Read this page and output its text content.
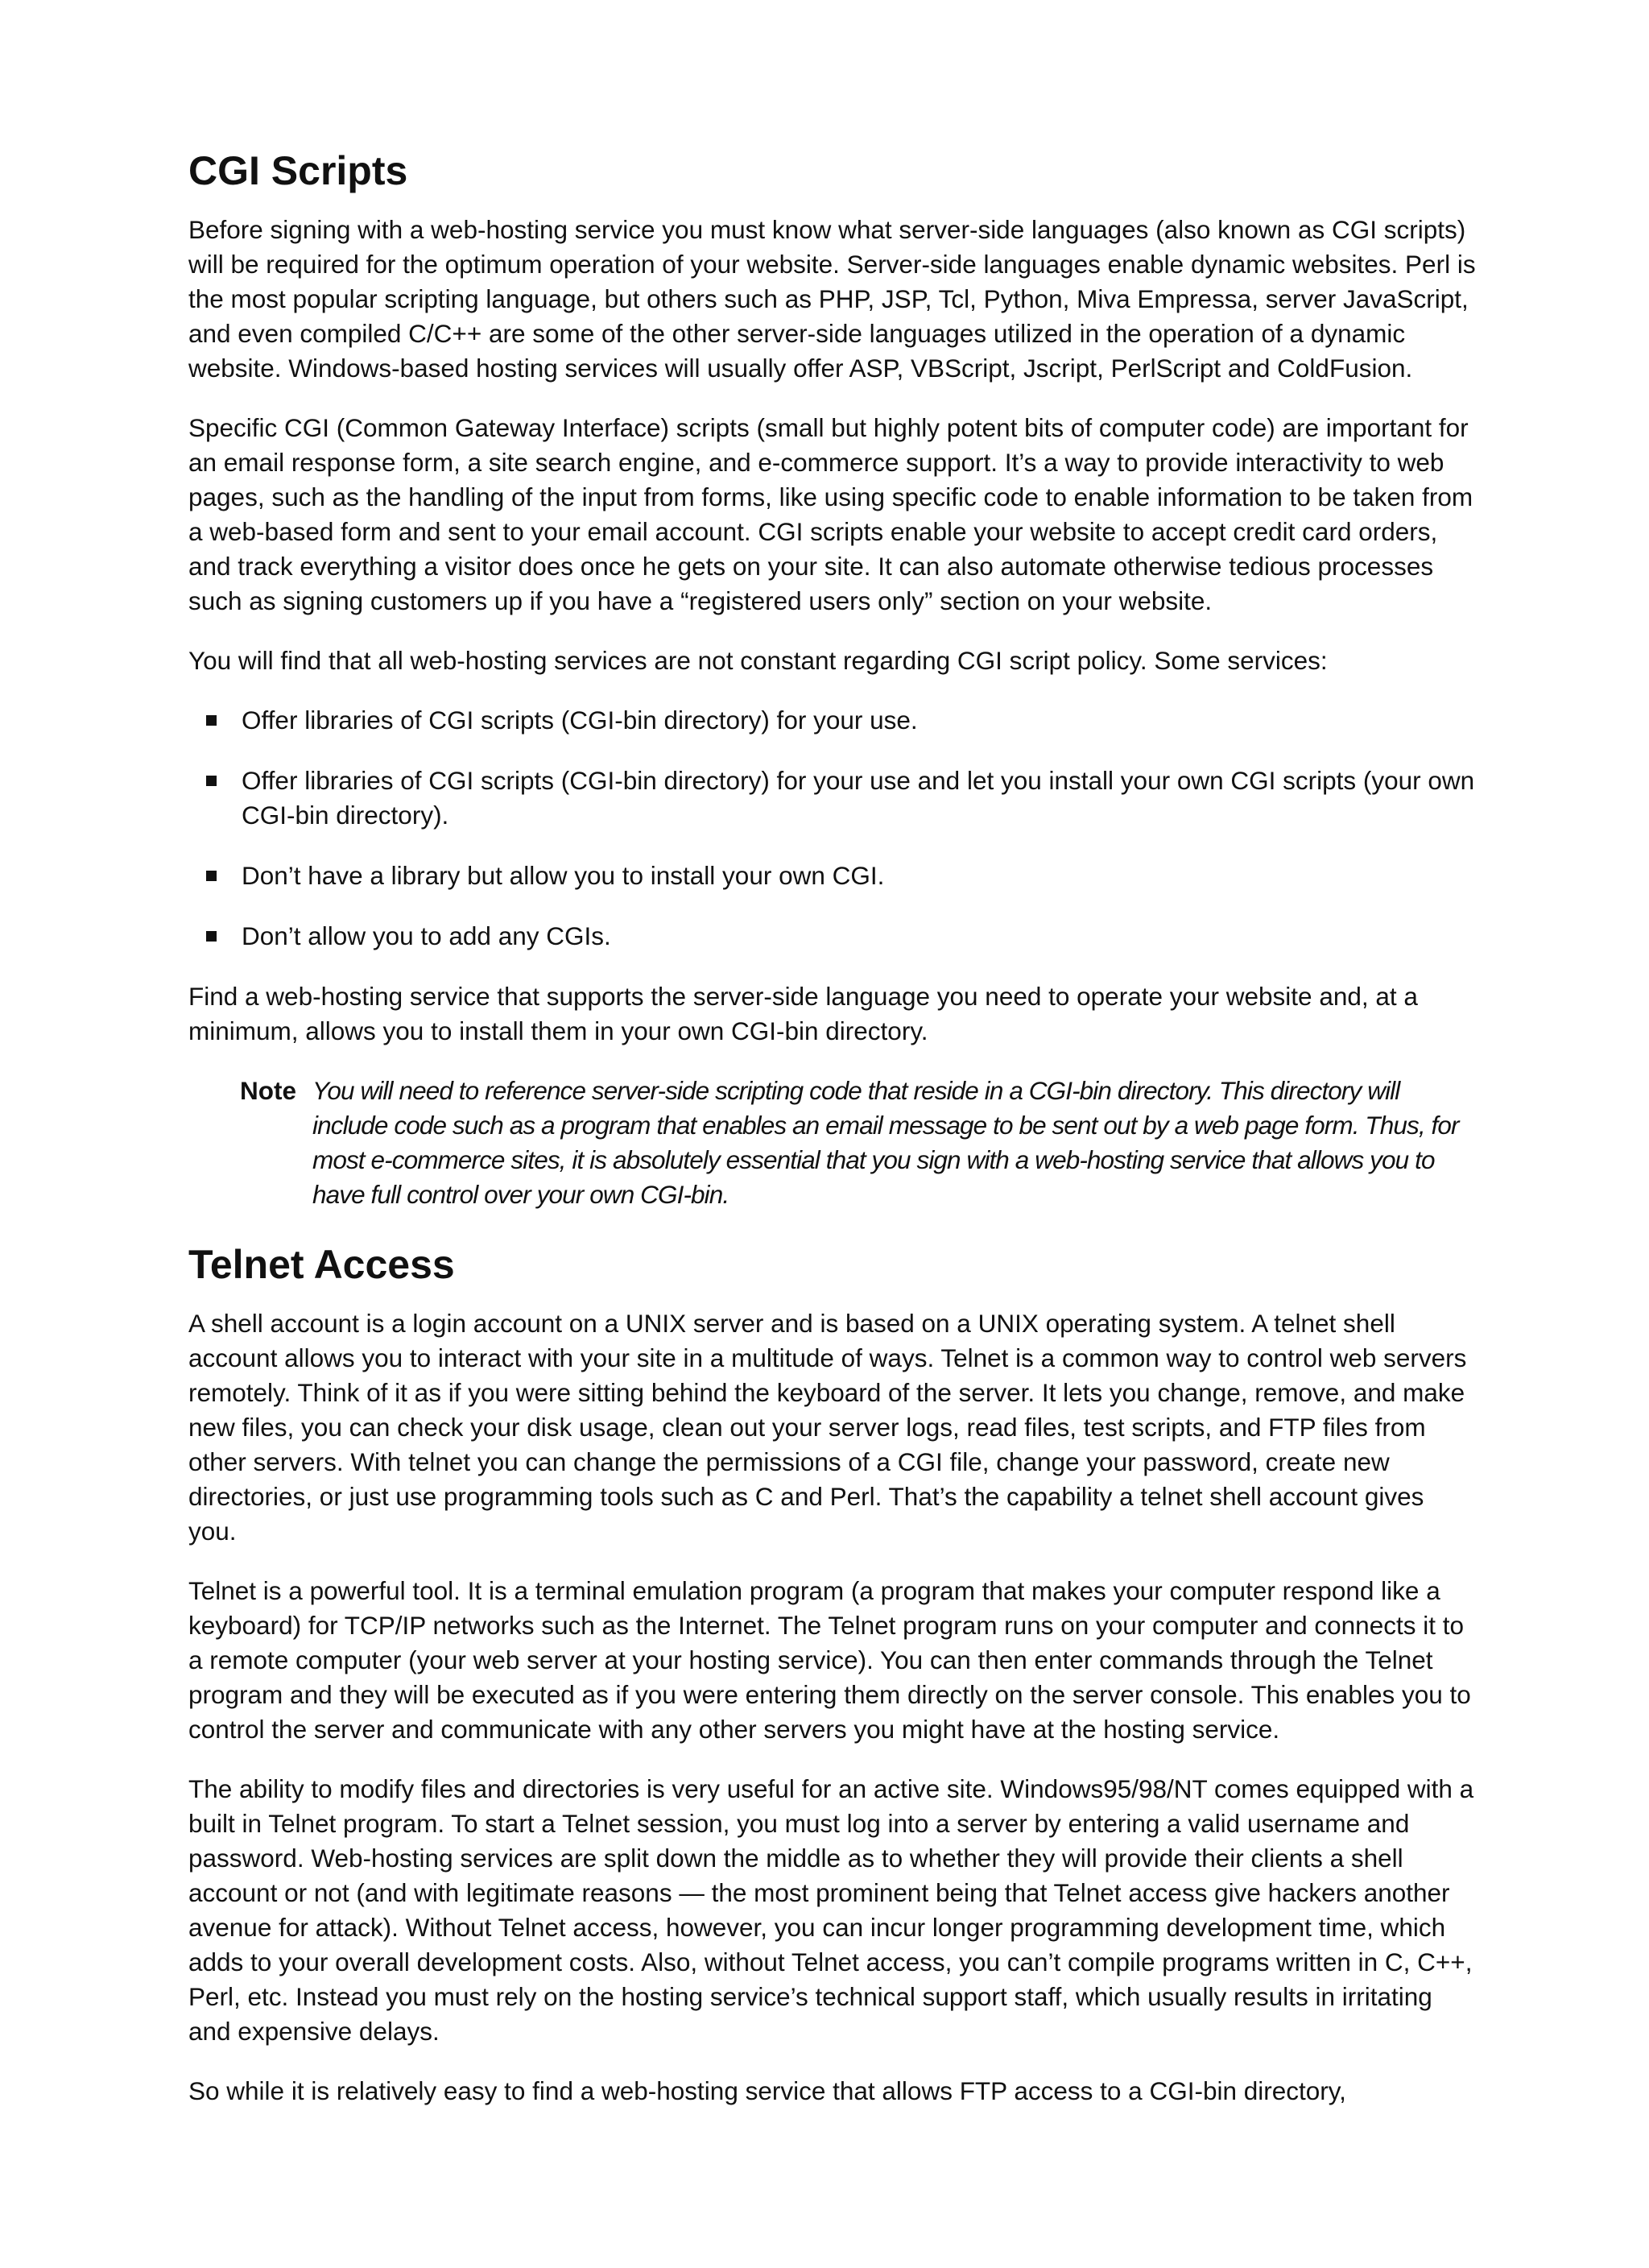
CGI Scripts

Before signing with a web-hosting service you must know what server-side languages (also known as CGI scripts) will be required for the optimum operation of your website. Server-side languages enable dynamic websites. Perl is the most popular scripting language, but others such as PHP, JSP, Tcl, Python, Miva Empressa, server JavaScript, and even compiled C/C++ are some of the other server-side languages utilized in the operation of a dynamic website. Windows-based hosting services will usually offer ASP, VBScript, Jscript, PerlScript and ColdFusion.

Specific CGI (Common Gateway Interface) scripts (small but highly potent bits of computer code) are important for an email response form, a site search engine, and e-commerce support. It’s a way to provide interactivity to web pages, such as the handling of the input from forms, like using specific code to enable information to be taken from a web-based form and sent to your email account. CGI scripts enable your website to accept credit card orders, and track everything a visitor does once he gets on your site. It can also automate otherwise tedious processes such as signing customers up if you have a “registered users only” section on your website.

You will find that all web-hosting services are not constant regarding CGI script policy. Some services:

Offer libraries of CGI scripts (CGI-bin directory) for your use.
Offer libraries of CGI scripts (CGI-bin directory) for your use and let you install your own CGI scripts (your own CGI-bin directory).
Don’t have a library but allow you to install your own CGI.
Don’t allow you to add any CGIs.

Find a web-hosting service that supports the server-side language you need to operate your website and, at a minimum, allows you to install them in your own CGI-bin directory.

Note You will need to reference server-side scripting code that reside in a CGI-bin directory. This directory will include code such as a program that enables an email message to be sent out by a web page form. Thus, for most e-commerce sites, it is absolutely essential that you sign with a web-hosting service that allows you to have full control over your own CGI-bin.
Telnet Access

A shell account is a login account on a UNIX server and is based on a UNIX operating system. A telnet shell account allows you to interact with your site in a multitude of ways. Telnet is a common way to control web servers remotely. Think of it as if you were sitting behind the keyboard of the server. It lets you change, remove, and make new files, you can check your disk usage, clean out your server logs, read files, test scripts, and FTP files from other servers. With telnet you can change the permissions of a CGI file, change your password, create new directories, or just use programming tools such as C and Perl. That’s the capability a telnet shell account gives you.

Telnet is a powerful tool. It is a terminal emulation program (a program that makes your computer respond like a keyboard) for TCP/IP networks such as the Internet. The Telnet program runs on your computer and connects it to a remote computer (your web server at your hosting service). You can then enter commands through the Telnet program and they will be executed as if you were entering them directly on the server console. This enables you to control the server and communicate with any other servers you might have at the hosting service.

The ability to modify files and directories is very useful for an active site. Windows95/98/NT comes equipped with a built in Telnet program. To start a Telnet session, you must log into a server by entering a valid username and password. Web-hosting services are split down the middle as to whether they will provide their clients a shell account or not (and with legitimate reasons — the most prominent being that Telnet access give hackers another avenue for attack). Without Telnet access, however, you can incur longer programming development time, which adds to your overall development costs. Also, without Telnet access, you can’t compile programs written in C, C++, Perl, etc. Instead you must rely on the hosting service’s technical support staff, which usually results in irritating and expensive delays.

So while it is relatively easy to find a web-hosting service that allows FTP access to a CGI-bin directory,
